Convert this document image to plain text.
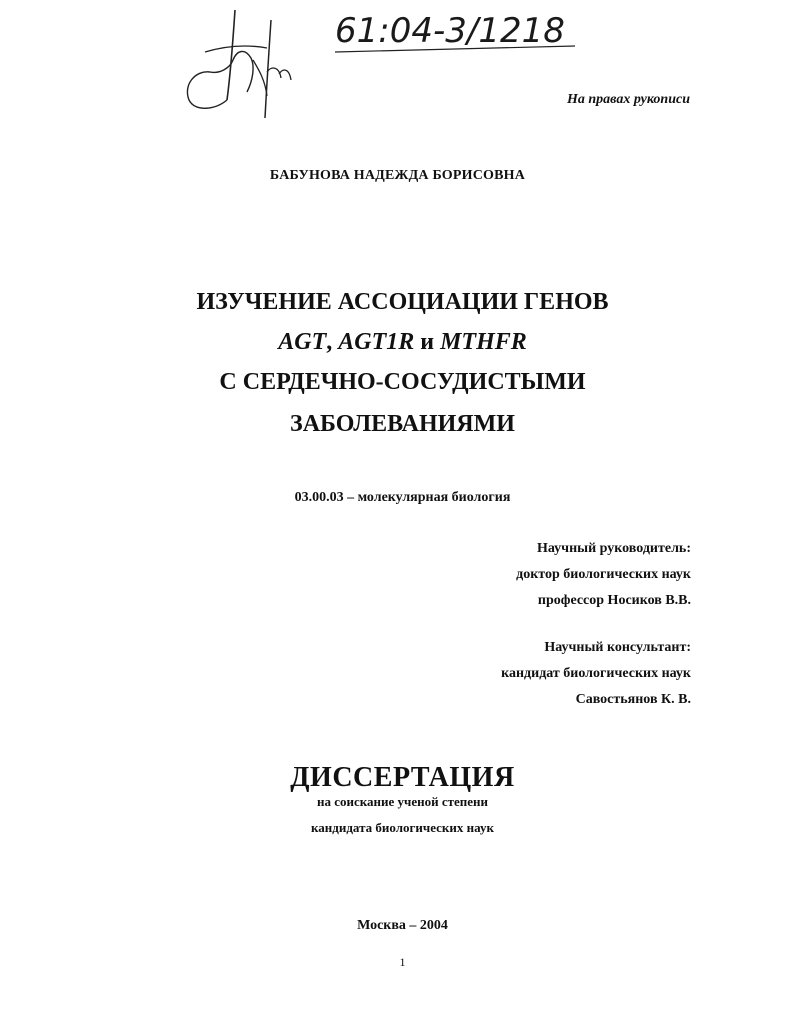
61:04-3/1218
На правах рукописи
БАБУНОВА НАДЕЖДА БОРИСОВНА
ИЗУЧЕНИЕ АССОЦИАЦИИ ГЕНОВ
AGT, AGT1R и MTHFR
С СЕРДЕЧНО-СОСУДИСТЫМИ
ЗАБОЛЕВАНИЯМИ
03.00.03 – молекулярная биология
Научный руководитель:
доктор биологических наук
профессор Носиков В.В.
Научный консультант:
кандидат биологических наук
Савостьянов К. В.
ДИССЕРТАЦИЯ
на соискание ученой степени
кандидата биологических наук
Москва – 2004
1
